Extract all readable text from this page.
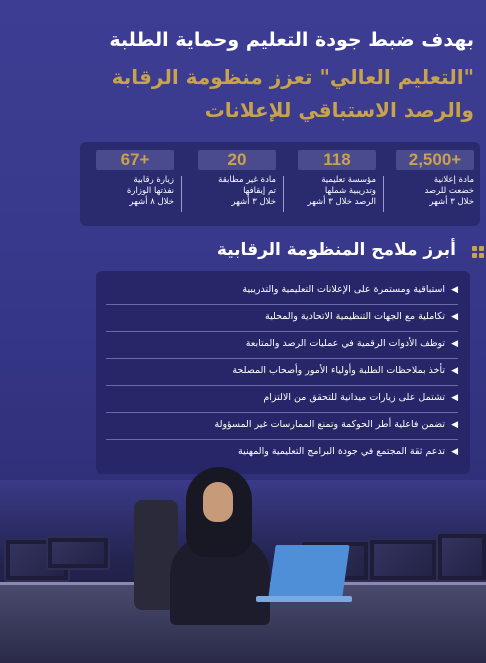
بهدف ضبط جودة التعليم وحماية الطلبة
"التعليم العالي" تعزز منظومة الرقابة
والرصد الاستباقي للإعلانات
2,500+
مادة إعلانية
خضعت للرصد
خلال ٣ أشهر
118
مؤسسة تعليمية
وتدريبية شملها
الرصد خلال ٣ أشهر
20
مادة غير مطابقة
تم إيقافها
خلال ٣ أشهر
67+
زيارة رقابية
نفذتها الوزارة
خلال ٨ أشهر
أبرز ملامح المنظومة الرقابية
◀استباقية ومستمرة على الإعلانات التعليمية والتدريبية
◀تكاملية مع الجهات التنظيمية الاتحادية والمحلية
◀توظف الأدوات الرقمية في عمليات الرصد والمتابعة
◀تأخذ بملاحظات الطلبة وأولياء الأمور وأصحاب المصلحة
◀تشتمل على زيارات ميدانية للتحقق من الالتزام
◀تضمن فاعلية أطر الحوكمة وتمنع الممارسات غير المسؤولة
◀تدعم ثقة المجتمع في جودة البرامج التعليمية والمهنية
